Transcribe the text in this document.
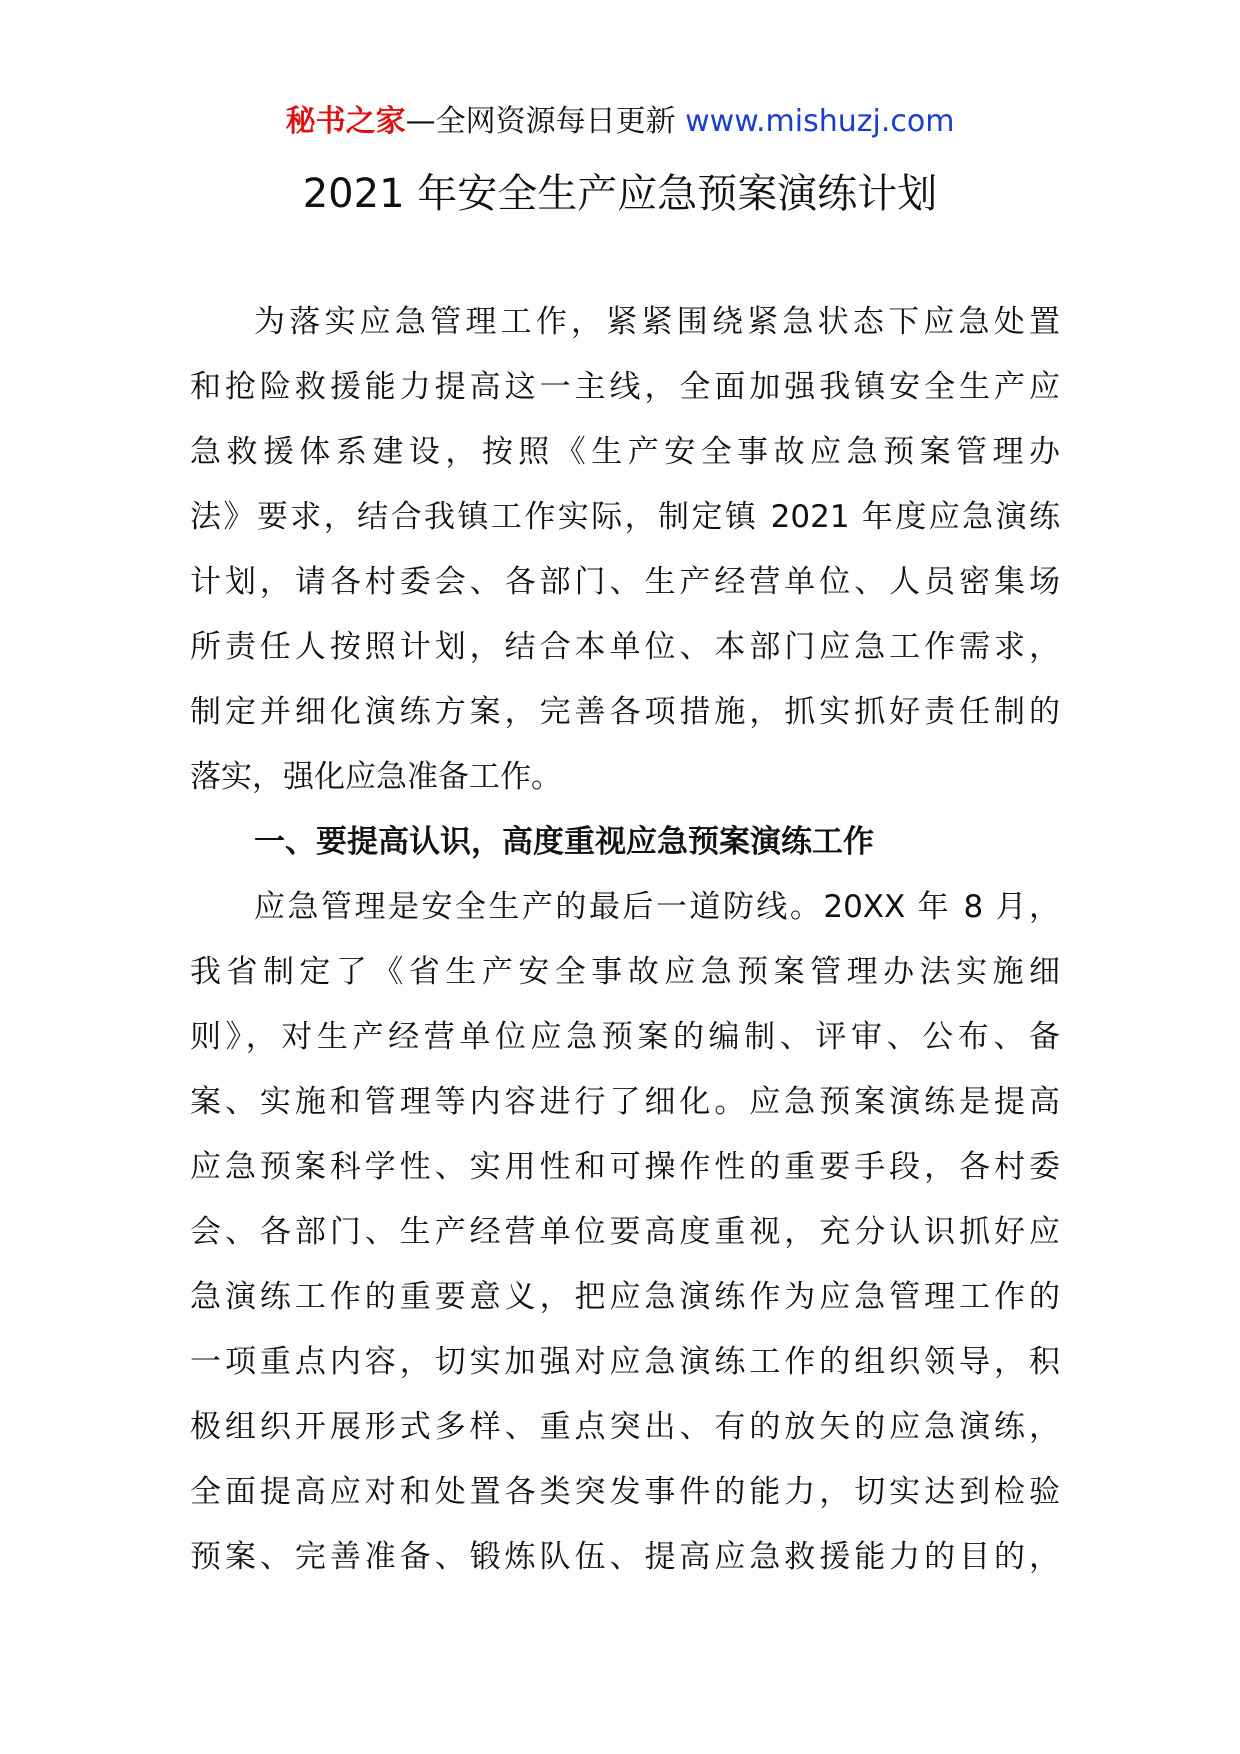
秘书之家—全网资源每日更新 www.mishuzj.com
2021 年安全生产应急预案演练计划
为落实应急管理工作，紧紧围绕紧急状态下应急处置
和抢险救援能力提高这一主线，全面加强我镇安全生产应
急救援体系建设，按照《生产安全事故应急预案管理办
法》要求，结合我镇工作实际，制定镇 2021 年度应急演练
计划，请各村委会、各部门、生产经营单位、人员密集场
所责任人按照计划，结合本单位、本部门应急工作需求，
制定并细化演练方案，完善各项措施，抓实抓好责任制的
落实，强化应急准备工作。
一、要提高认识，高度重视应急预案演练工作
应急管理是安全生产的最后一道防线。20XX 年 8 月，
我省制定了《省生产安全事故应急预案管理办法实施细
则》，对生产经营单位应急预案的编制、评审、公布、备
案、实施和管理等内容进行了细化。应急预案演练是提高
应急预案科学性、实用性和可操作性的重要手段，各村委
会、各部门、生产经营单位要高度重视，充分认识抓好应
急演练工作的重要意义，把应急演练作为应急管理工作的
一项重点内容，切实加强对应急演练工作的组织领导，积
极组织开展形式多样、重点突出、有的放矢的应急演练，
全面提高应对和处置各类突发事件的能力，切实达到检验
预案、完善准备、锻炼队伍、提高应急救援能力的目的，
